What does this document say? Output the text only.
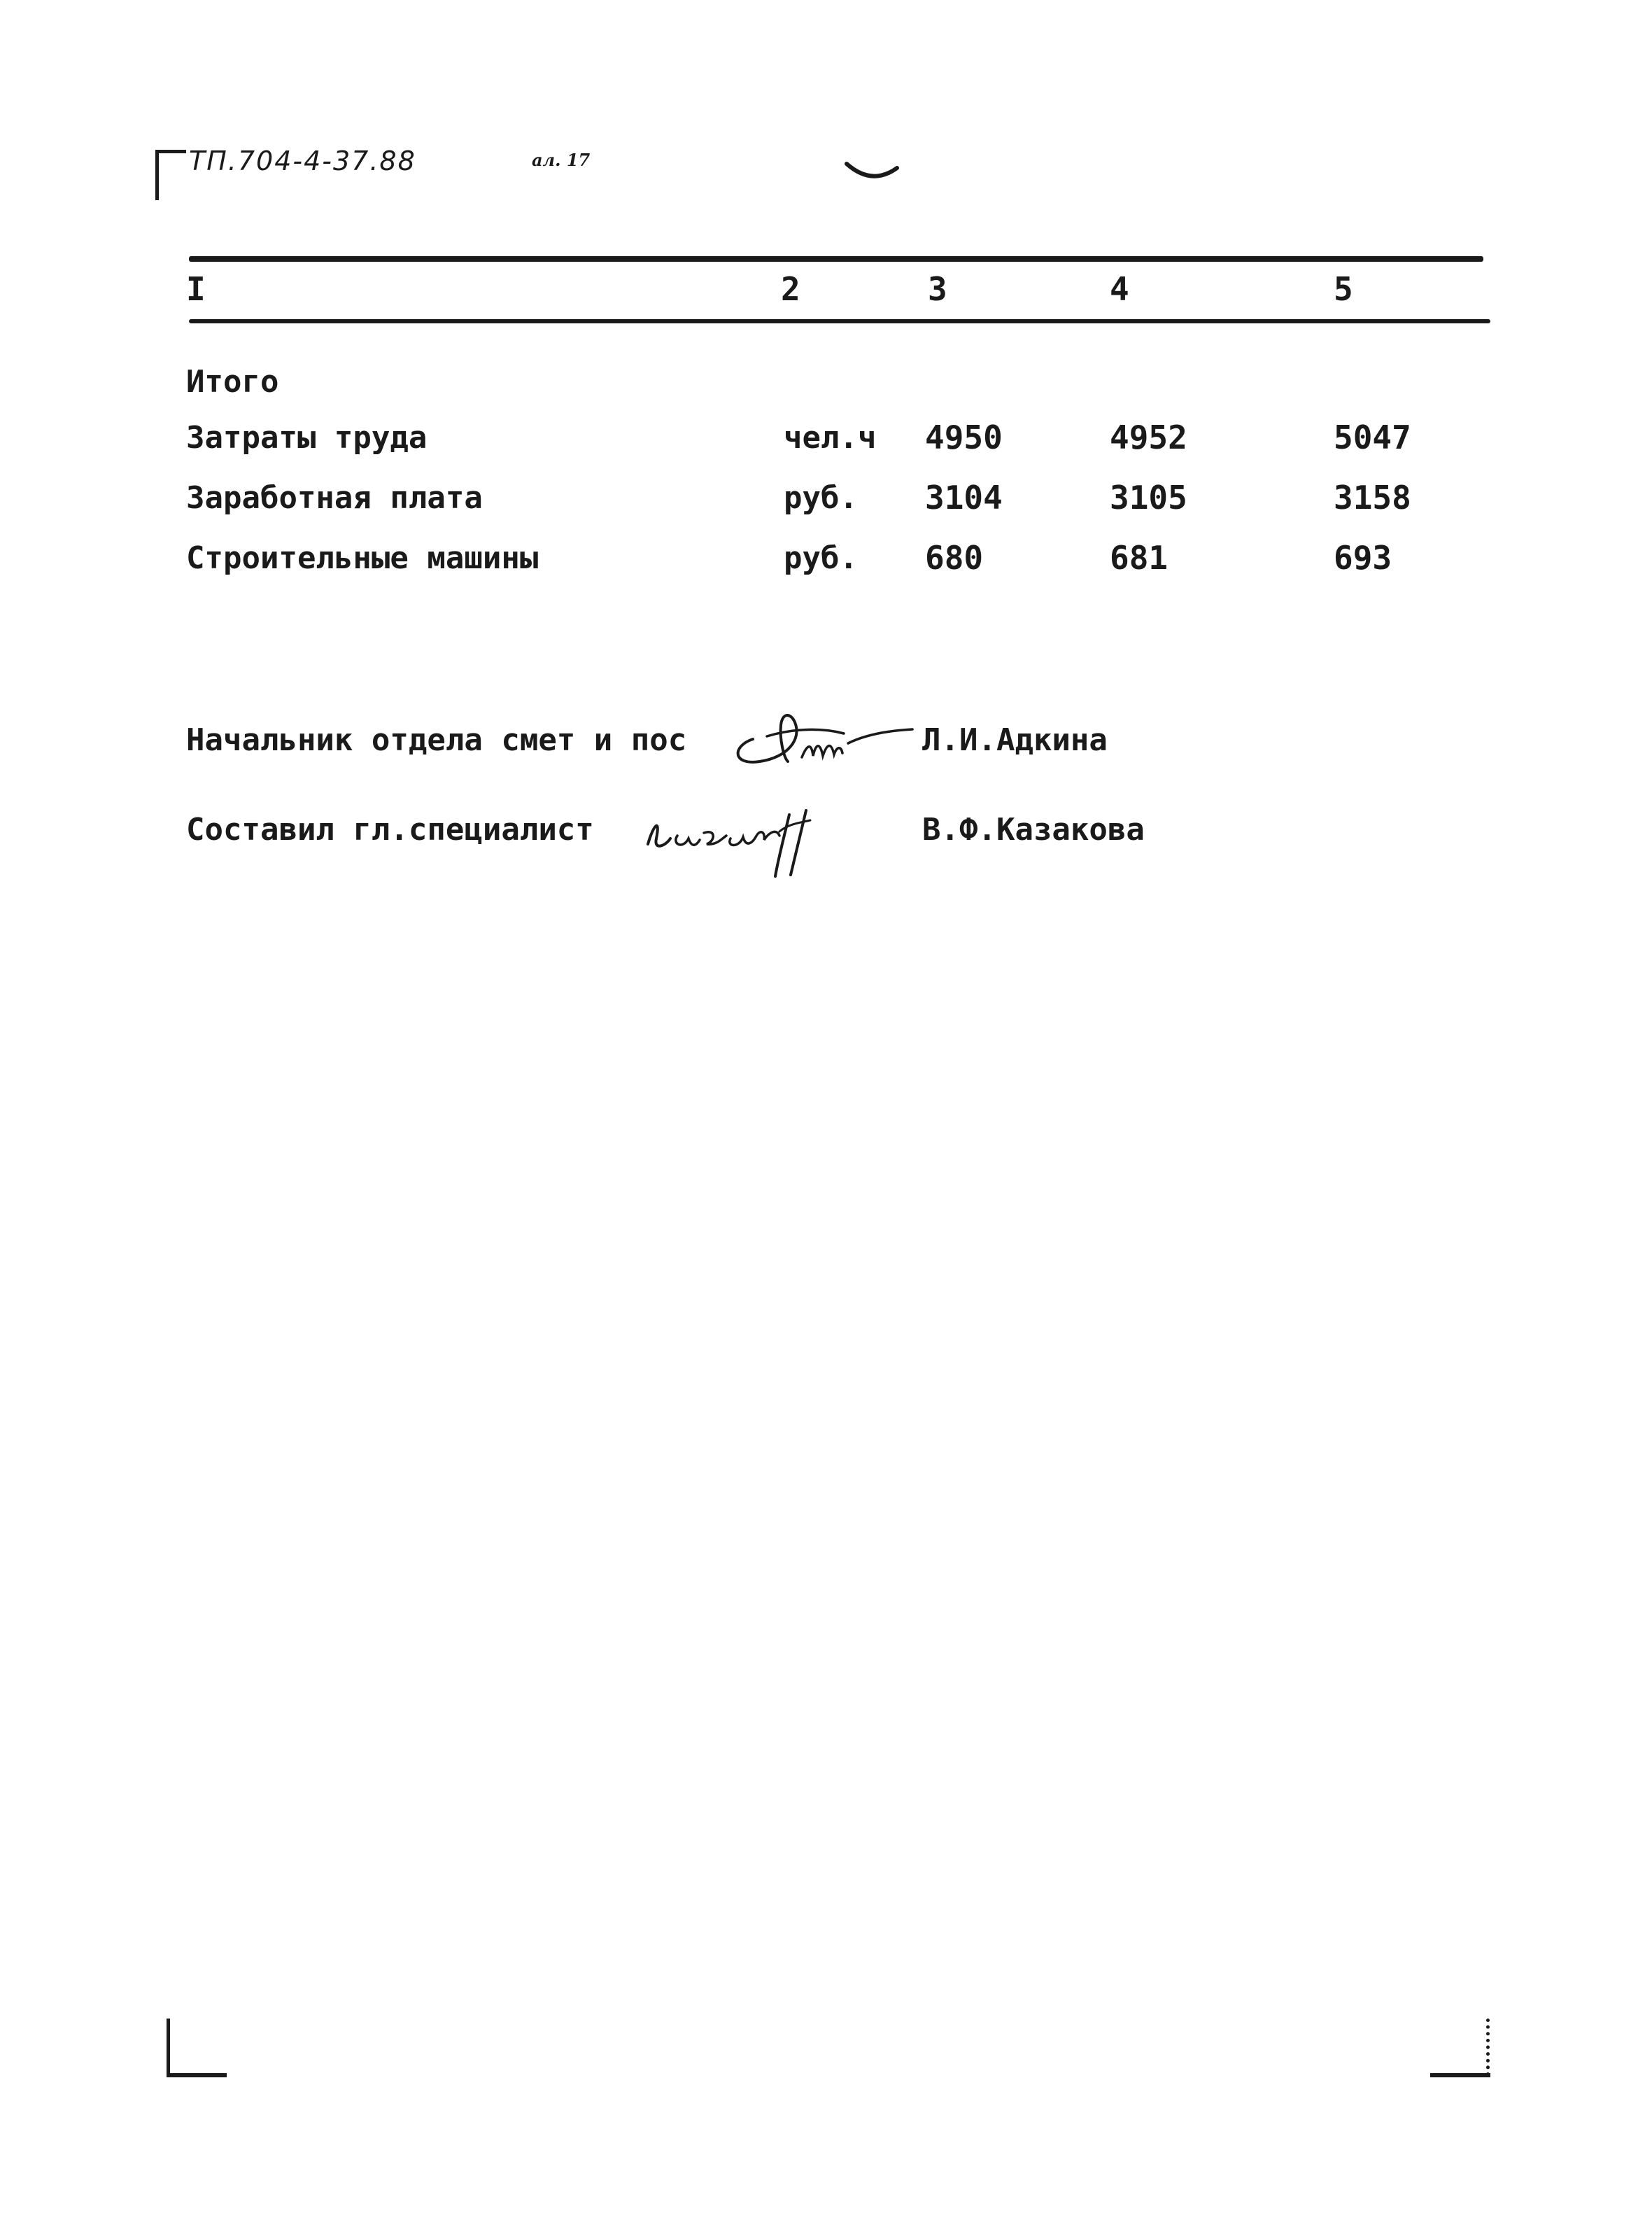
ТП.704-4-37.88	ал. 17
I	2	3	4	5
Итого
Затраты труда	чел.ч 4950	4952	5047
Заработная плата	руб. 3104	3105	3158
Строительные машины	руб. 680	681	693
Начальник отдела смет и пос	Л.И.Адкина
Составил гл.специалист	В.Ф.Казакова
